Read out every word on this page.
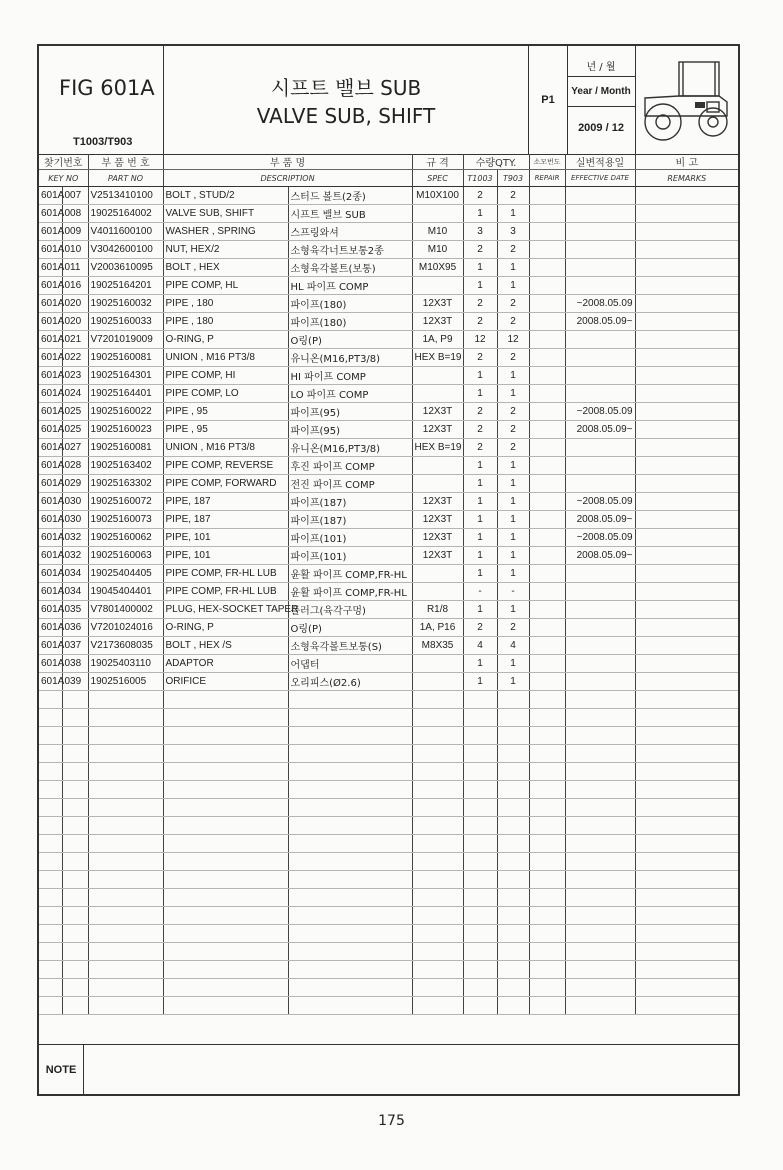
FIG 601A
T1003/T903
시프트 밸브 SUB
VALVE SUB, SHIFT
P1
년 / 월
Year / Month
2009 / 12
찾기번호		부 품 번 호	부 품 명		규 격	수량QTY.		소모번도	실변적용일	비 고
KEY NO		PART NO	DESCRIPTION		SPEC	T1003	T903	REPAIR	EFFECTIVE DATE	REMARKS
601A	007	V2513410100	BOLT , STUD/2	스터드 볼트(2종)	M10X100	2	2			
601A	008	19025164002	VALVE SUB, SHIFT	시프트 밸브 SUB		1	1			
601A	009	V4011600100	WASHER , SPRING	스프링와셔	M10	3	3			
601A	010	V3042600100	NUT, HEX/2	소형육각너트보통2종	M10	2	2			
601A	011	V2003610095	BOLT , HEX	소형육각볼트(보통)	M10X95	1	1			
601A	016	19025164201	PIPE COMP, HL	HL 파이프 COMP		1	1			
601A	020	19025160032	PIPE , 180	파이프(180)	12X3T	2	2		~2008.05.09	
601A	020	19025160033	PIPE , 180	파이프(180)	12X3T	2	2		2008.05.09~	
601A	021	V7201019009	O-RING, P	O링(P)	1A, P9	12	12			
601A	022	19025160081	UNION , M16 PT3/8	유니온(M16,PT3/8)	HEX B=19	2	2			
601A	023	19025164301	PIPE COMP, HI	HI 파이프 COMP		1	1			
601A	024	19025164401	PIPE COMP, LO	LO 파이프 COMP		1	1			
601A	025	19025160022	PIPE , 95	파이프(95)	12X3T	2	2		~2008.05.09	
601A	025	19025160023	PIPE , 95	파이프(95)	12X3T	2	2		2008.05.09~	
601A	027	19025160081	UNION , M16 PT3/8	유니온(M16,PT3/8)	HEX B=19	2	2			
601A	028	19025163402	PIPE COMP, REVERSE	후진 파이프 COMP		1	1			
601A	029	19025163302	PIPE COMP, FORWARD	전진 파이프 COMP		1	1			
601A	030	19025160072	PIPE, 187	파이프(187)	12X3T	1	1		~2008.05.09	
601A	030	19025160073	PIPE, 187	파이프(187)	12X3T	1	1		2008.05.09~	
601A	032	19025160062	PIPE, 101	파이프(101)	12X3T	1	1		~2008.05.09	
601A	032	19025160063	PIPE, 101	파이프(101)	12X3T	1	1		2008.05.09~	
601A	034	19025404405	PIPE COMP, FR-HL LUB	윤활 파이프 COMP,FR-HL		1	1			
601A	034	19045404401	PIPE COMP, FR-HL LUB	윤활 파이프 COMP,FR-HL		-	-			
601A	035	V7801400002	PLUG, HEX-SOCKET TAPER	플러그(육각구멍)	R1/8	1	1			
601A	036	V7201024016	O-RING, P	O링(P)	1A, P16	2	2			
601A	037	V2173608035	BOLT , HEX /S	소형육각볼트보통(S)	M8X35	4	4			
601A	038	19025403110	ADAPTOR	어댑터		1	1			
601A	039	1902516005	ORIFICE	오리피스(Ø2.6)		1	1			

NOTE
175
